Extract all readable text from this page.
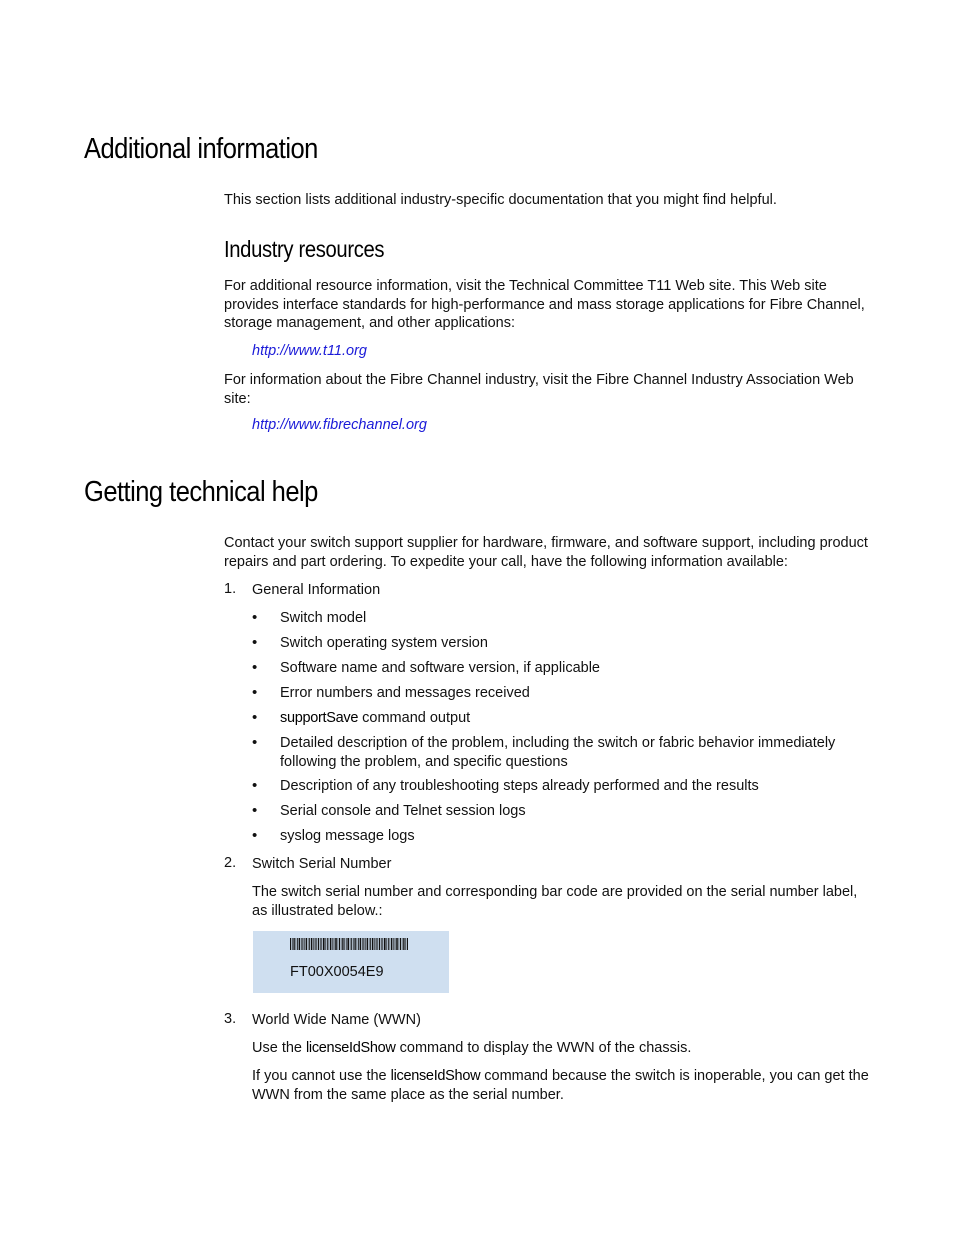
Additional information

This section lists additional industry-specific documentation that you might find helpful.

Industry resources

For additional resource information, visit the Technical Committee T11 Web site. This Web site provides interface standards for high-performance and mass storage applications for Fibre Channel, storage management, and other applications:

http://www.t11.org

For information about the Fibre Channel industry, visit the Fibre Channel Industry Association Web site:

http://www.fibrechannel.org
Getting technical help

Contact your switch support supplier for hardware, firmware, and software support, including product repairs and part ordering. To expedite your call, have the following information available:

1. General Information
•	Switch model
•	Switch operating system version
•	Software name and software version, if applicable
•	Error numbers and messages received
•	supportSave command output
•	Detailed description of the problem, including the switch or fabric behavior immediately following the problem, and specific questions
•	Description of any troubleshooting steps already performed and the results
•	Serial console and Telnet session logs
•	syslog message logs
2. Switch Serial Number

The switch serial number and corresponding bar code are provided on the serial number label, as illustrated below.:

FT00X0054E9
3. World Wide Name (WWN)

Use the licenseIdShow command to display the WWN of the chassis.

If you cannot use the licenseIdShow command because the switch is inoperable, you can get the WWN from the same place as the serial number.
